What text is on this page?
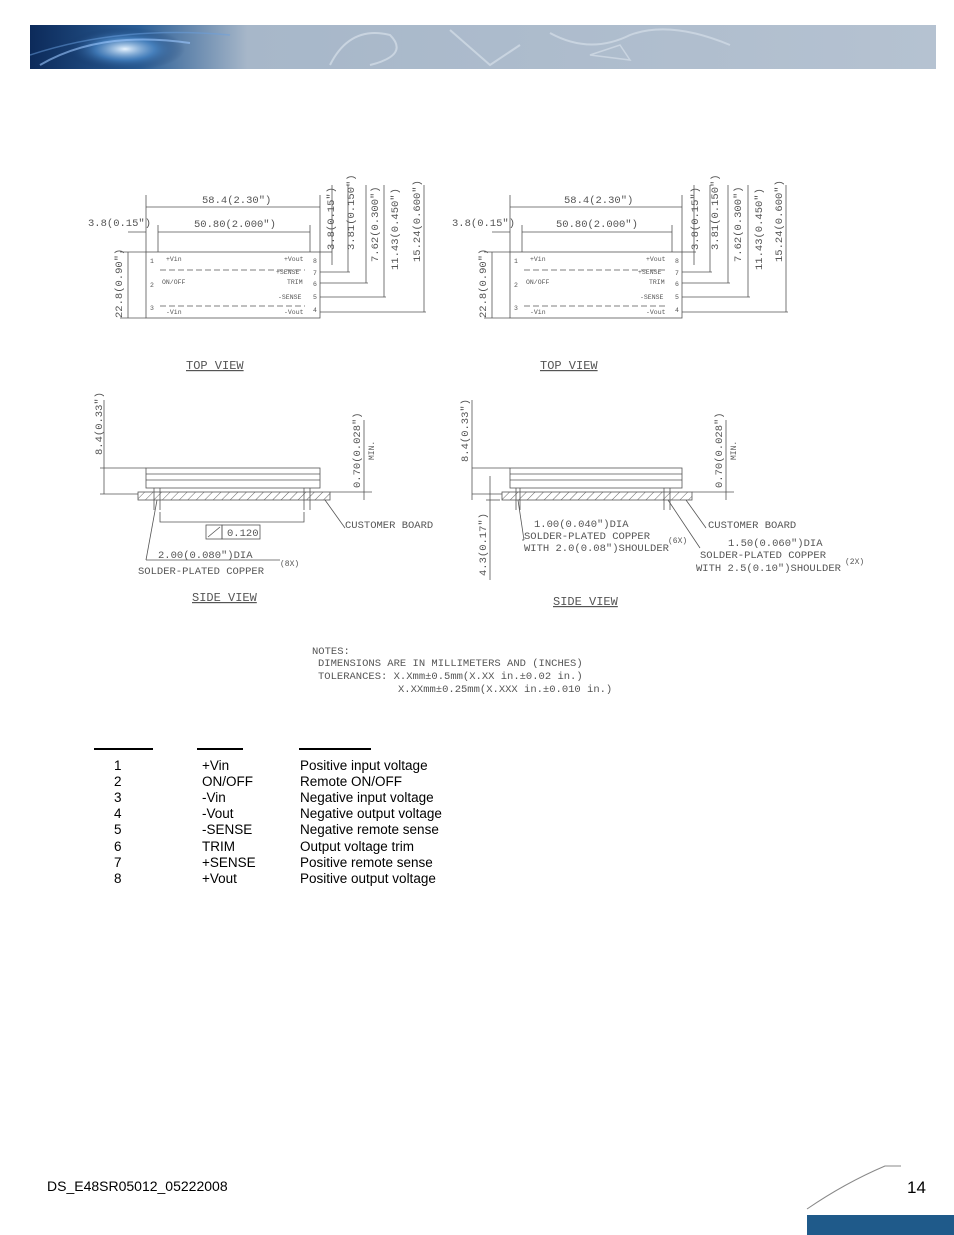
58.4(2.30")
50.80(2.000")
3.8(0.15")
22.8(0.90")
3.8(0.15") 3.81(0.150") 7.62(0.300") 11.43(0.450") 15.24(0.600")
1 +Vin
2 ON/OFF
3
-Vin
+Vout 8
+SENSE 7
TRIM 6
-SENSE 5
-Vout 4
TOP VIEW
58.4(2.30")
50.80(2.000")
3.8(0.15")
22.8(0.90")
3.8(0.15") 3.81(0.150") 7.62(0.300") 11.43(0.450") 15.24(0.600")
1 +Vin
2 ON/OFF
3
-Vin
+Vout 8
+SENSE 7
TRIM 6
-SENSE 5
-Vout 4
TOP VIEW
8.4(0.33")	0.70(0.028") MIN.
CUSTOMER BOARD
0.120
2.00(0.080")DIA
SOLDER-PLATED COPPER
(8X)
SIDE VIEW
8.4(0.33")
4.3(0.17")
0.70(0.028") MIN.
CUSTOMER BOARD
1.00(0.040")DIA
SOLDER-PLATED COPPER (6X)
WITH 2.0(0.08")SHOULDER	1.50(0.060")DIA
SOLDER-PLATED COPPER
WITH 2.5(0.10")SHOULDER
(2X)
SIDE VIEW
NOTES:
DIMENSIONS ARE IN MILLIMETERS AND (INCHES)
TOLERANCES: X.Xmm±0.5mm(X.XX in.±0.02 in.)
X.XXmm±0.25mm(X.XXX in.±0.010 in.)
1	+Vin	Positive input voltage
2	ON/OFF	Remote ON/OFF
3	-Vin	Negative input voltage
4	-Vout	Negative output voltage
5	-SENSE	Negative remote sense
6	TRIM	Output voltage trim
7	+SENSE	Positive remote sense
8	+Vout	Positive output voltage
DS_E48SR05012_05222008	14
